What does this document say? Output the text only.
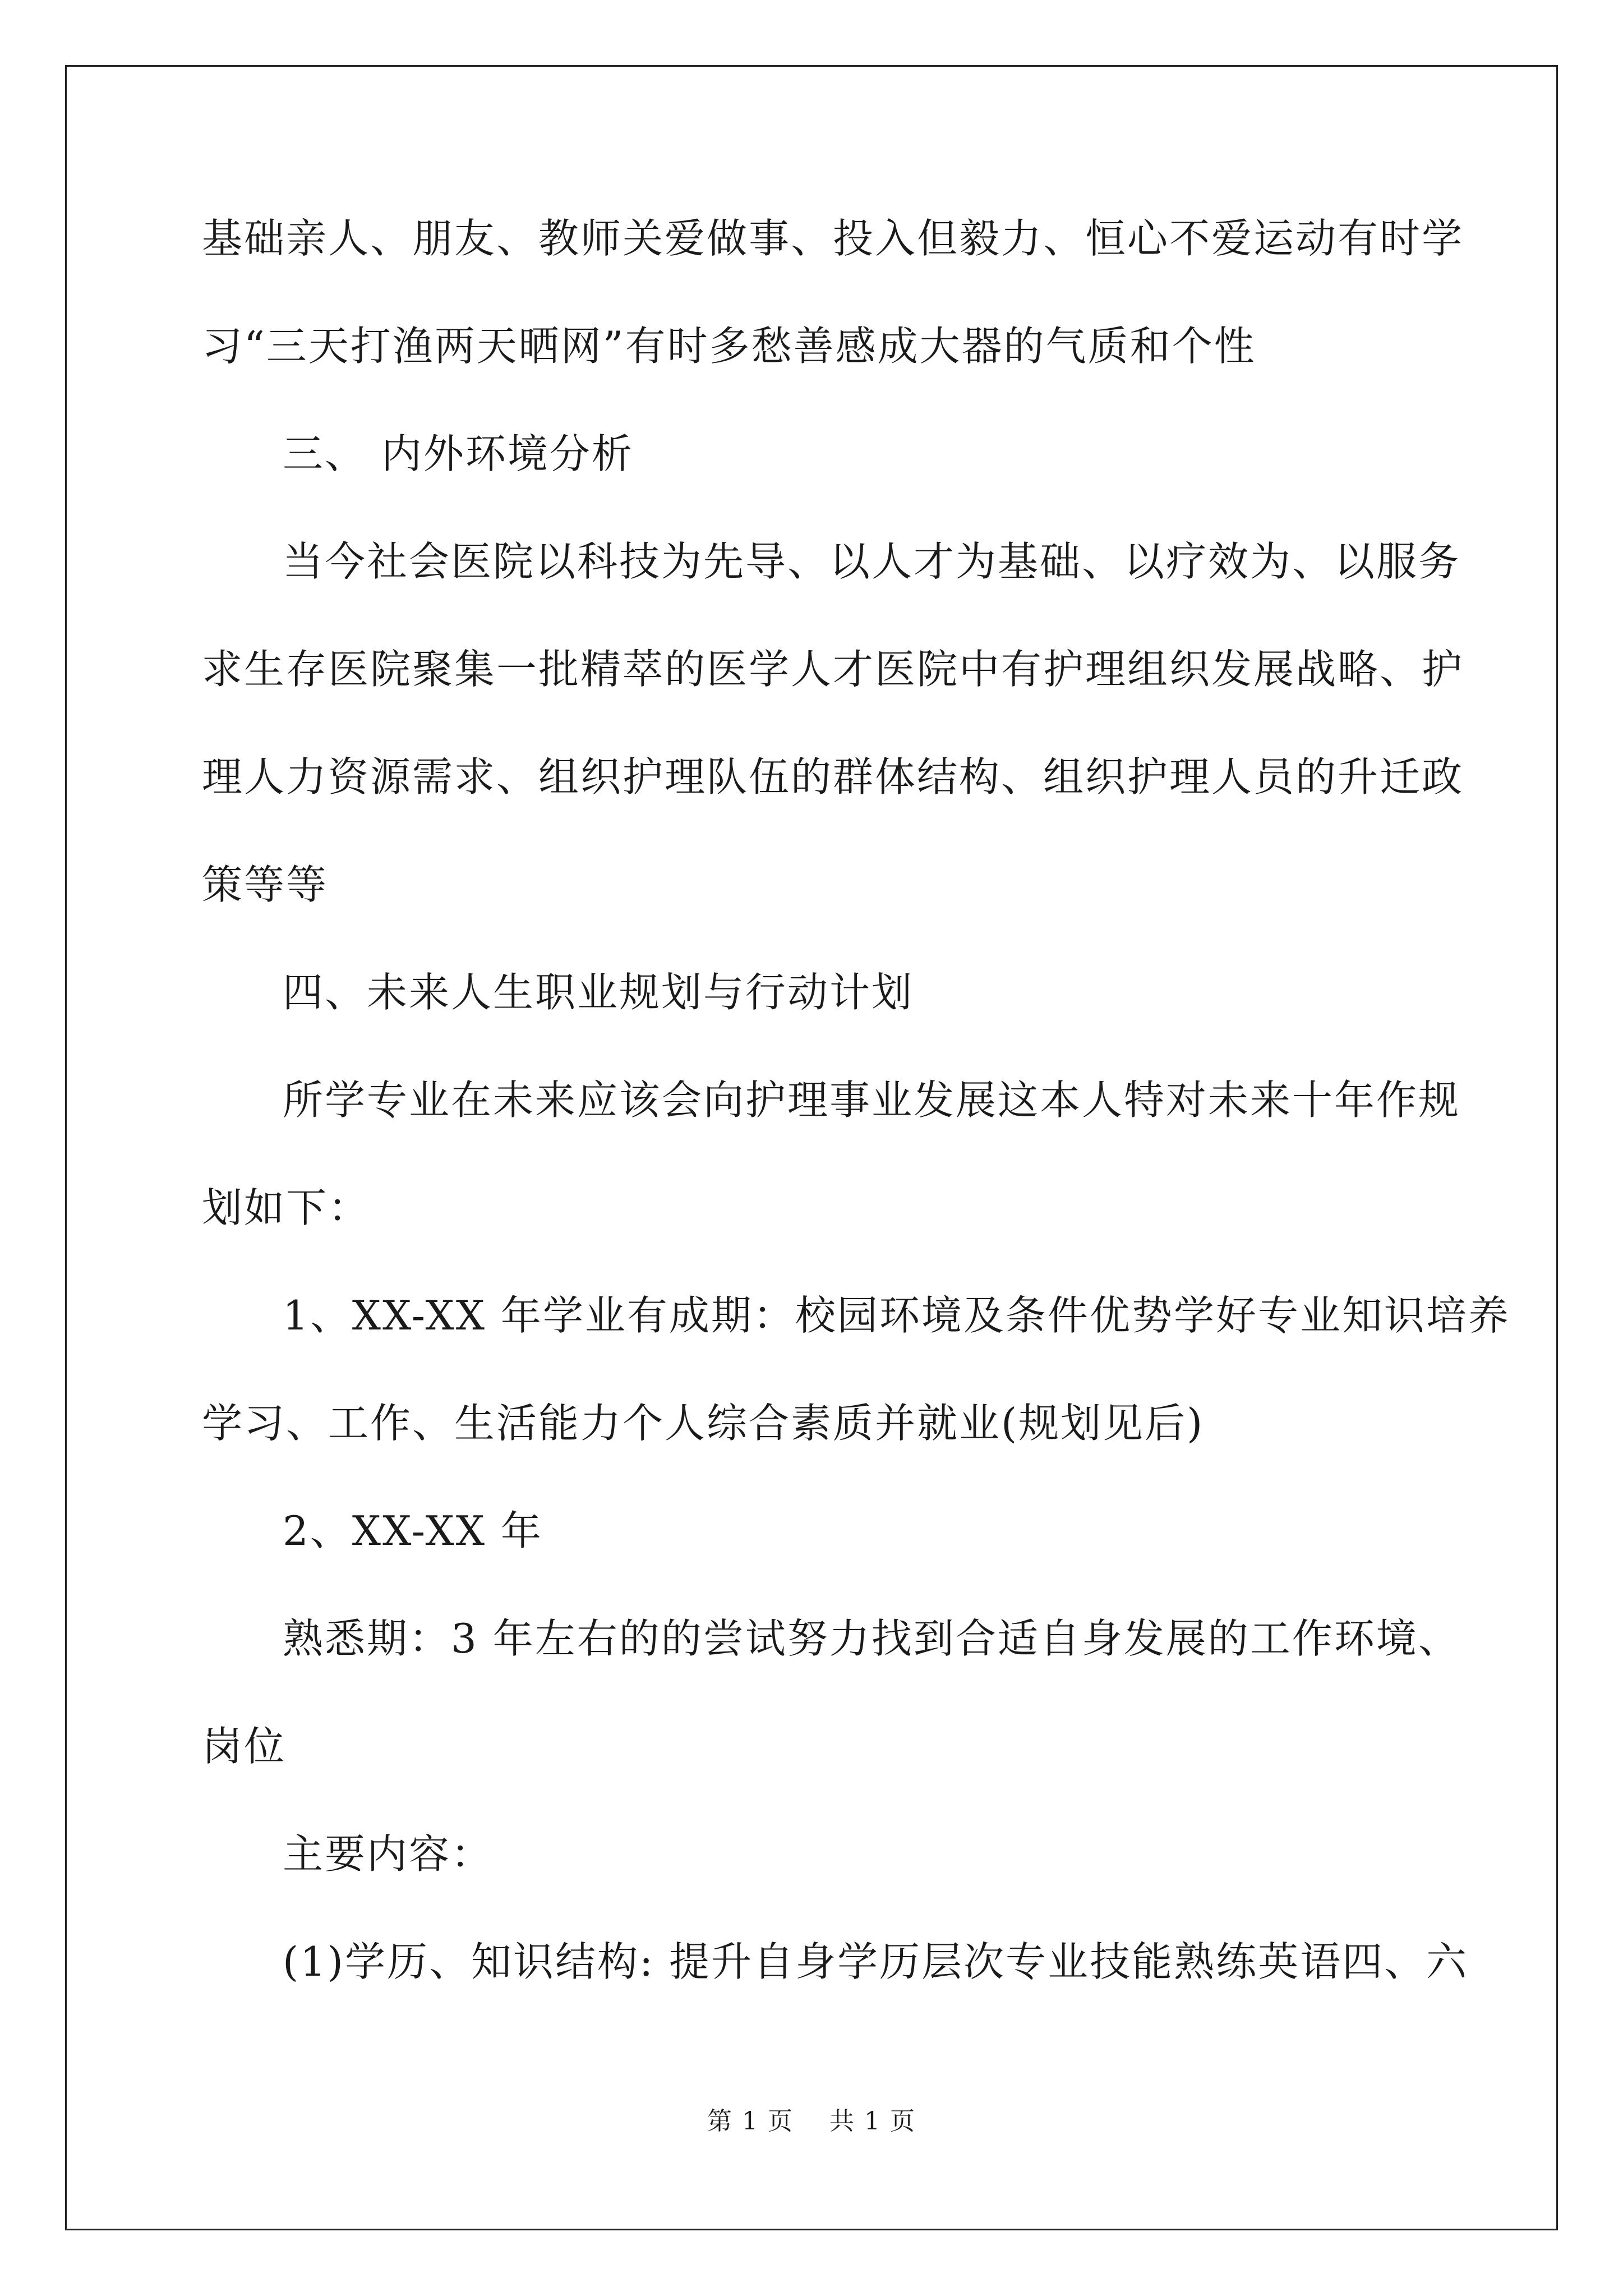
基础亲人、朋友、教师关爱做事、投入但毅力、恒心不爱运动有时学
习“三天打渔两天晒网”有时多愁善感成大器的气质和个性
三、 内外环境分析
当今社会医院以科技为先导、以人才为基础、以疗效为、以服务
求生存医院聚集一批精萃的医学人才医院中有护理组织发展战略、护
理人力资源需求、组织护理队伍的群体结构、组织护理人员的升迁政
策等等
四、未来人生职业规划与行动计划
所学专业在未来应该会向护理事业发展这本人特对未来十年作规
划如下：
1、XX-XX 年学业有成期：校园环境及条件优势学好专业知识培养
学习、工作、生活能力个人综合素质并就业(规划见后)
2、XX-XX 年
熟悉期：3 年左右的的尝试努力找到合适自身发展的工作环境、
岗位
主要内容：
(1)学历、知识结构: 提升自身学历层次专业技能熟练英语四、六
第 1 页 共 1 页
